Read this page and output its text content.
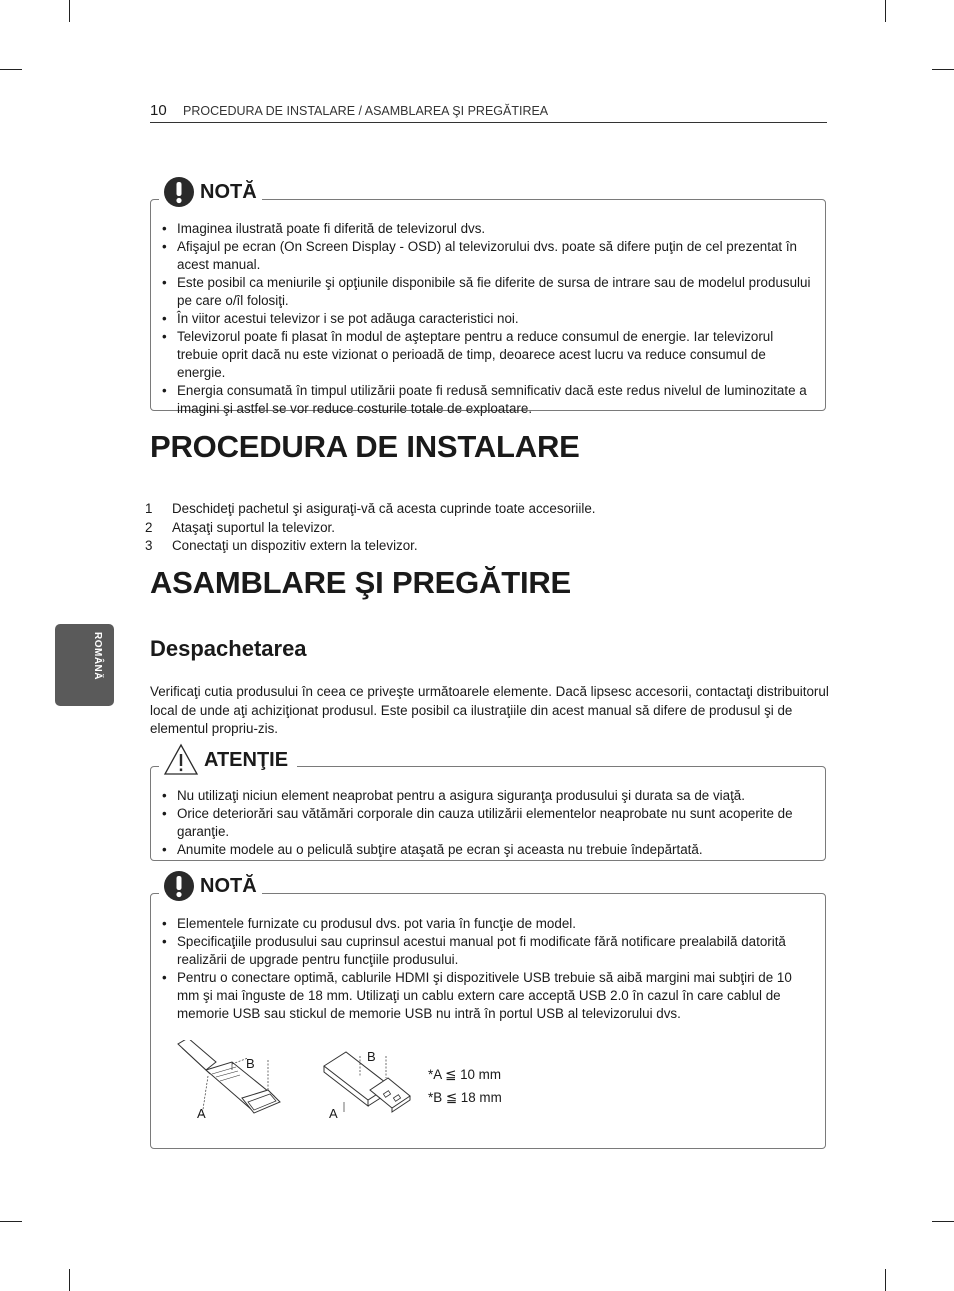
10 PROCEDURA DE INSTALARE / ASAMBLAREA ŞI PREGĂTIREA
NOTĂ
• Imaginea ilustrată poate fi diferită de televizorul dvs.
• Afişajul pe ecran (On Screen Display - OSD) al televizorului dvs. poate să difere puţin de cel prezentat în acest manual.
• Este posibil ca meniurile şi opţiunile disponibile să fie diferite de sursa de intrare sau de modelul produsului pe care o/îl folosiţi.
• În viitor acestui televizor i se pot adăuga caracteristici noi.
• Televizorul poate fi plasat în modul de aşteptare pentru a reduce consumul de energie. Iar televizorul trebuie oprit dacă nu este vizionat o perioadă de timp, deoarece acest lucru va reduce consumul de energie.
• Energia consumată în timpul utilizării poate fi redusă semnificativ dacă este redus nivelul de luminozitate a imagini şi astfel se vor reduce costurile totale de exploatare.
PROCEDURA DE INSTALARE
1 Deschideţi pachetul şi asiguraţi-vă că acesta cuprinde toate accesoriile.
2 Ataşaţi suportul la televizor.
3 Conectaţi un dispozitiv extern la televizor.
ASAMBLARE ŞI PREGĂTIRE
ROMÂNĂ Despachetarea

Verificaţi cutia produsului în ceea ce priveşte următoarele elemente. Dacă lipsesc accesorii, contactaţi distribuitorul local de unde aţi achiziţionat produsul. Este posibil ca ilustraţiile din acest manual să difere de produsul şi de elementul propriu-zis.

ATENŢIE
• Nu utilizaţi niciun element neaprobat pentru a asigura siguranţa produsului şi durata sa de viaţă.
• Orice deteriorări sau vătămări corporale din cauza utilizării elementelor neaprobate nu sunt acoperite de garanţie.
• Anumite modele au o peliculă subţire ataşată pe ecran şi aceasta nu trebuie îndepărtată.
NOTĂ
• Elementele furnizate cu produsul dvs. pot varia în funcţie de model.
• Specificaţiile produsului sau cuprinsul acestui manual pot fi modificate fără notificare prealabilă datorită realizării de upgrade pentru funcţiile produsului.
• Pentru o conectare optimă, cablurile HDMI şi dispozitivele USB trebuie să aibă margini mai subţiri de 10 mm şi mai înguste de 18 mm. Utilizaţi un cablu extern care acceptă USB 2.0 în cazul în care cablul de memorie USB sau stickul de memorie USB nu intră în portul USB al televizorului dvs.
B
A
B
A
*A ≦ 10 mm
*B ≦ 18 mm
